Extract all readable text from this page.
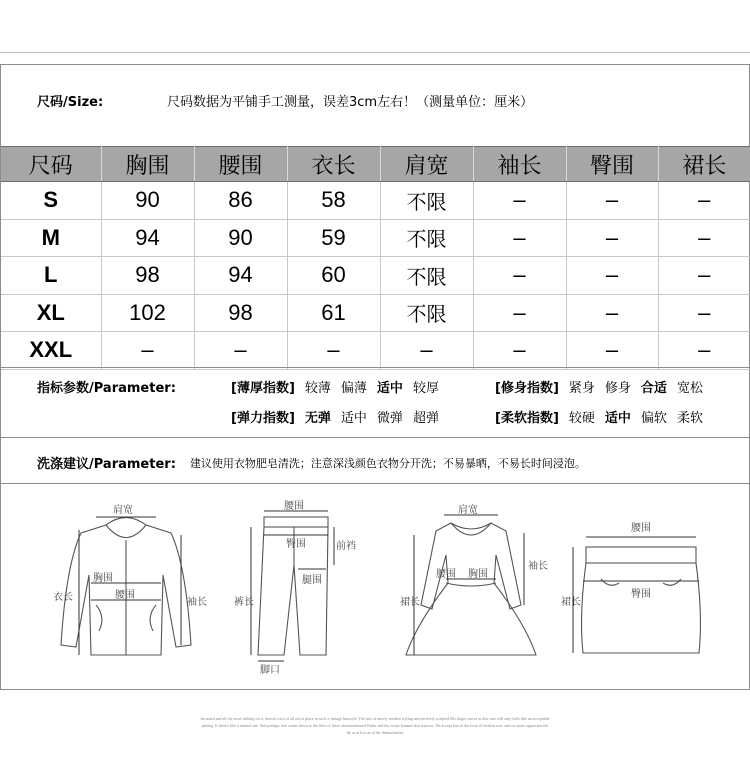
尺码/Size:	尺码数据为平铺手工测量，误差3cm左右！（测量单位：厘米）
尺码	胸围	腰围	衣长	肩宽	袖长	臀围	裙长
S	90	86	58	不限	–	–	–
M	94	90	59	不限	–	–	–
L	98	94	60	不限	–	–	–
XL	102	98	61	不限	–	–	–
XXL	–	–	–	–	–	–	–
指标参数/Parameter:	[薄厚指数] 较薄 偏薄 适中 较厚	[修身指数] 紧身 修身 合适 宽松
[弹力指数] 无弹 适中 微弹 超弹	[柔软指数] 较硬 适中 偏软 柔软
洗涤建议/Parameter: 建议使用衣物肥皂清洗；注意深浅颜色衣物分开洗；不易暴晒，不易长时间浸泡。
肩宽
胸围
腰围
衣长	袖长
腰围
臀围	前裆
腿围
裤长
脚口
肩宽
腰围 胸围
袖长
裙长
腰围
臀围
裙长
decuated and all the most striking for it, doesn't exist at all out of place in such a vintage hairstyle. The mix of utterly modern styling and perfectly sculpted 60s finger waves in this case will only feels like an acceptable pairing. If there's like a natural one. And perhaps that comes down to the fibre of these aforementioned Bader and his exotic banana skirt dancers. We accept hair in the form of fashion noir, and we more appreciate the 'da' as at low as of the debauchment.
